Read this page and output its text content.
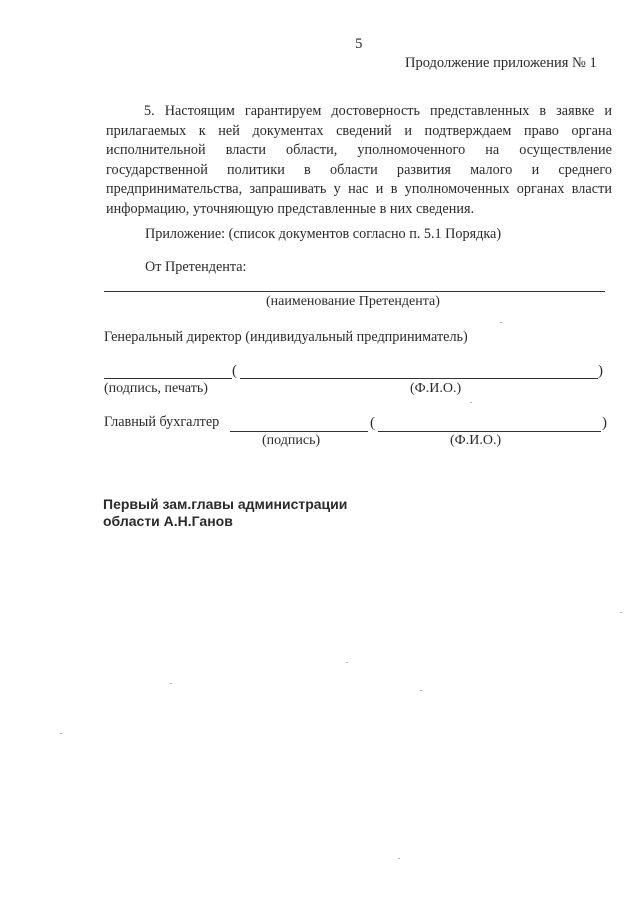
5
Продолжение приложения № 1
5. Настоящим гарантируем достоверность представленных в заявке и прилагаемых к ней документах сведений и подтверждаем право органа исполнительной власти области, уполномоченного на осуществление государственной политики в области развития малого и среднего предпринимательства, запрашивать у нас и в уполномоченных органах власти информацию, уточняющую представленные в них сведения.
Приложение: (список документов согласно п. 5.1 Порядка)
От Претендента:
(наименование Претендента)
Генеральный директор (индивидуальный предприниматель)
(	)
(подпись, печать)	(Ф.И.О.)
Главный бухгалтер	(	)
(подпись)	(Ф.И.О.)
Первый зам.главы администрации
области А.Н.Ганов
